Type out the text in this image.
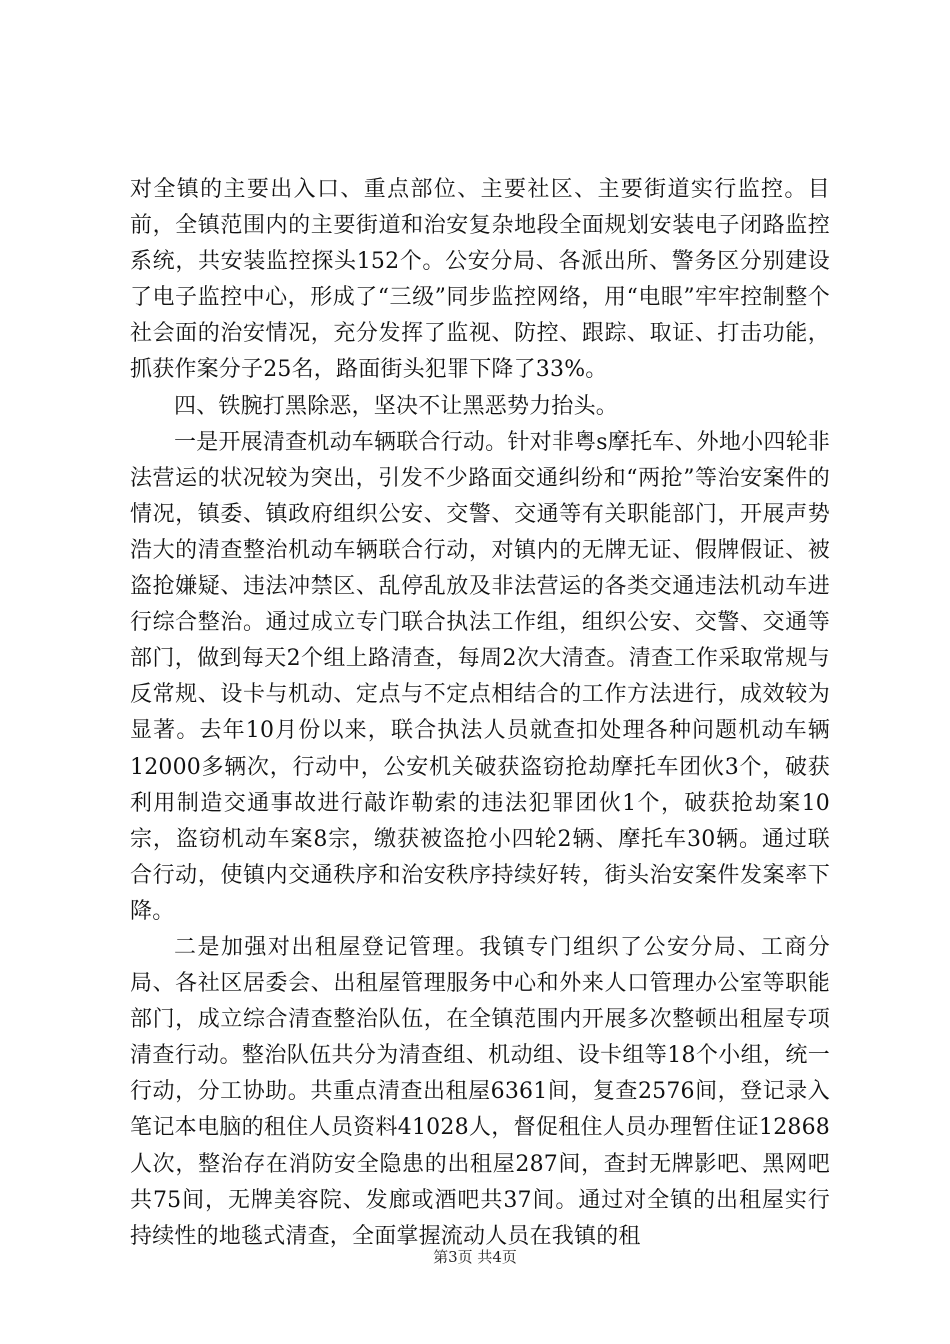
对全镇的主要出入口、重点部位、主要社区、主要街道实行监控。目前，全镇范围内的主要街道和治安复杂地段全面规划安装电子闭路监控系统，共安装监控探头152个。公安分局、各派出所、警务区分别建设了电子监控中心，形成了“三级”同步监控网络，用“电眼”牢牢控制整个社会面的治安情况，充分发挥了监视、防控、跟踪、取证、打击功能，抓获作案分子25名，路面街头犯罪下降了33%。

四、铁腕打黑除恶，坚决不让黑恶势力抬头。

一是开展清查机动车辆联合行动。针对非粤s摩托车、外地小四轮非法营运的状况较为突出，引发不少路面交通纠纷和“两抢”等治安案件的情况，镇委、镇政府组织公安、交警、交通等有关职能部门，开展声势浩大的清查整治机动车辆联合行动，对镇内的无牌无证、假牌假证、被盗抢嫌疑、违法冲禁区、乱停乱放及非法营运的各类交通违法机动车进行综合整治。通过成立专门联合执法工作组，组织公安、交警、交通等部门，做到每天2个组上路清查，每周2次大清查。清查工作采取常规与反常规、设卡与机动、定点与不定点相结合的工作方法进行，成效较为显著。去年10月份以来，联合执法人员就查扣处理各种问题机动车辆12000多辆次，行动中，公安机关破获盗窃抢劫摩托车团伙3个，破获利用制造交通事故进行敲诈勒索的违法犯罪团伙1个，破获抢劫案10宗，盗窃机动车案8宗，缴获被盗抢小四轮2辆、摩托车30辆。通过联合行动，使镇内交通秩序和治安秩序持续好转，街头治安案件发案率下降。

二是加强对出租屋登记管理。我镇专门组织了公安分局、工商分局、各社区居委会、出租屋管理服务中心和外来人口管理办公室等职能部门，成立综合清查整治队伍，在全镇范围内开展多次整顿出租屋专项清查行动。整治队伍共分为清查组、机动组、设卡组等18个小组，统一行动，分工协助。共重点清查出租屋6361间，复查2576间，登记录入笔记本电脑的租住人员资料41028人，督促租住人员办理暂住证12868人次，整治存在消防安全隐患的出租屋287间，查封无牌影吧、黑网吧共75间，无牌美容院、发廊或酒吧共37间。通过对全镇的出租屋实行持续性的地毯式清查，全面掌握流动人员在我镇的租

第3页 共4页
